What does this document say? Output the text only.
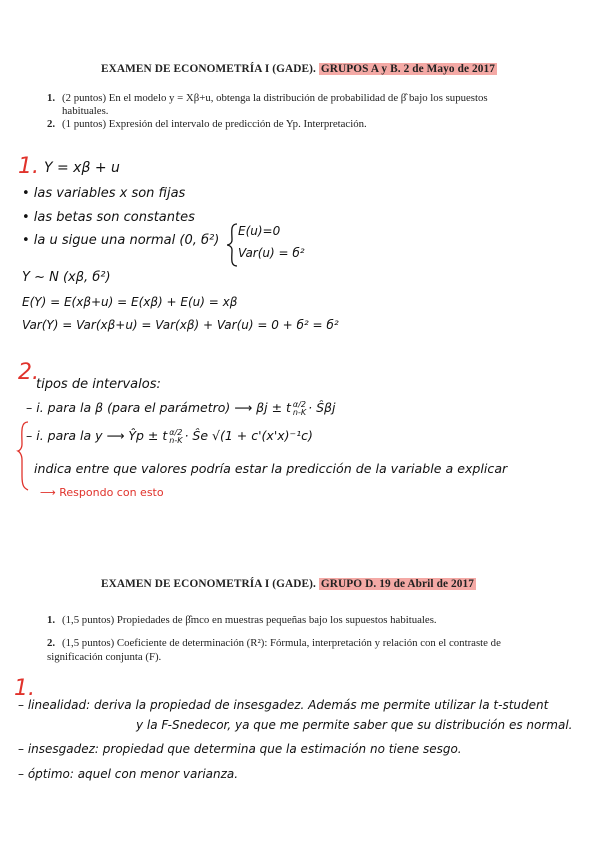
EXAMEN DE ECONOMETRÍA I (GADE). GRUPOS A y B. 2 de Mayo de 2017
1. (2 puntos) En el modelo y = Xβ+u, obtenga la distribución de probabilidad de β̂ bajo los supuestos
habituales.
2. (1 puntos) Expresión del intervalo de predicción de Yp. Interpretación.
1. Y = xβ + u
• las variables x son fijas
• las betas son constantes
• la u sigue una normal (0, б²)
E(u)=0
Var(u) = б²
Y ~ N (xβ, б²)
E(Y) = E(xβ+u) = E(xβ) + E(u) = xβ
Var(Y) = Var(xβ+u) = Var(xβ) + Var(u) = 0 + б² = б²
2.
tipos de intervalos:
– i. para la β (para el parámetro) ⟶ βj ± t α/2
n-K · Ŝβj
– i. para la y ⟶ Ŷp ± t α/2
n-K · Ŝe √(1 + c'(x'x)⁻¹c)
indica entre que valores podría estar la predicción de la variable a explicar
⟶ Respondo con esto
EXAMEN DE ECONOMETRÍA I (GADE). GRUPO D. 19 de Abril de 2017
1. (1,5 puntos) Propiedades de β̂mco en muestras pequeñas bajo los supuestos habituales.
2. (1,5 puntos) Coeficiente de determinación (R²): Fórmula, interpretación y relación con el contraste de
significación conjunta (F).
1.
– linealidad: deriva la propiedad de insesgadez. Además me permite utilizar la t-student
y la F-Snedecor, ya que me permite saber que su distribución es normal.
– insesgadez: propiedad que determina que la estimación no tiene sesgo.
– óptimo: aquel con menor varianza.
